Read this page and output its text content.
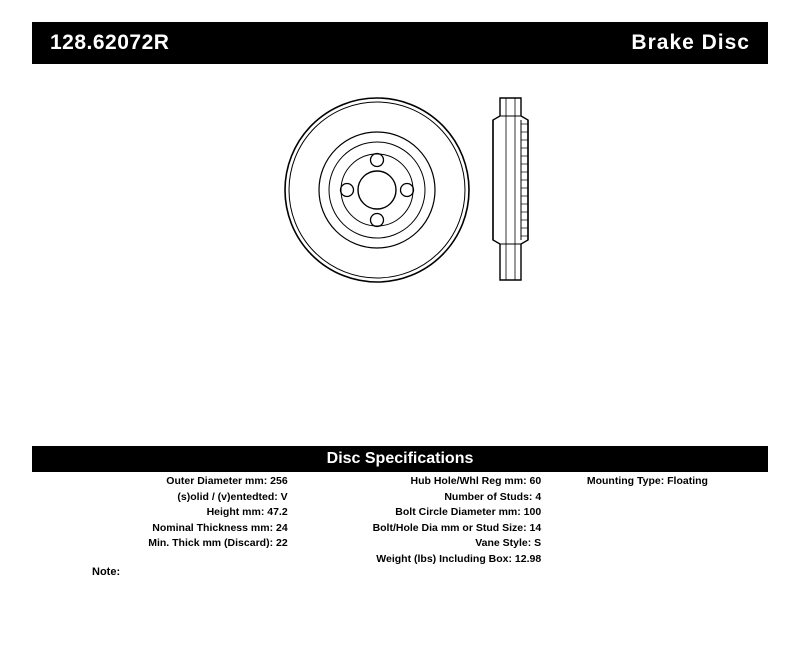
128.62072R	Brake Disc
Disc Specifications
Outer Diameter mm: 256
(s)olid / (v)entedted: V
Height mm: 47.2
Nominal Thickness mm: 24
Min. Thick mm (Discard): 22
Hub Hole/Whl Reg mm: 60
Number of Studs: 4
Bolt Circle Diameter mm: 100
Bolt/Hole Dia mm or Stud Size: 14
Vane Style: S
Weight (lbs) Including Box: 12.98
Mounting Type: Floating
Note:
